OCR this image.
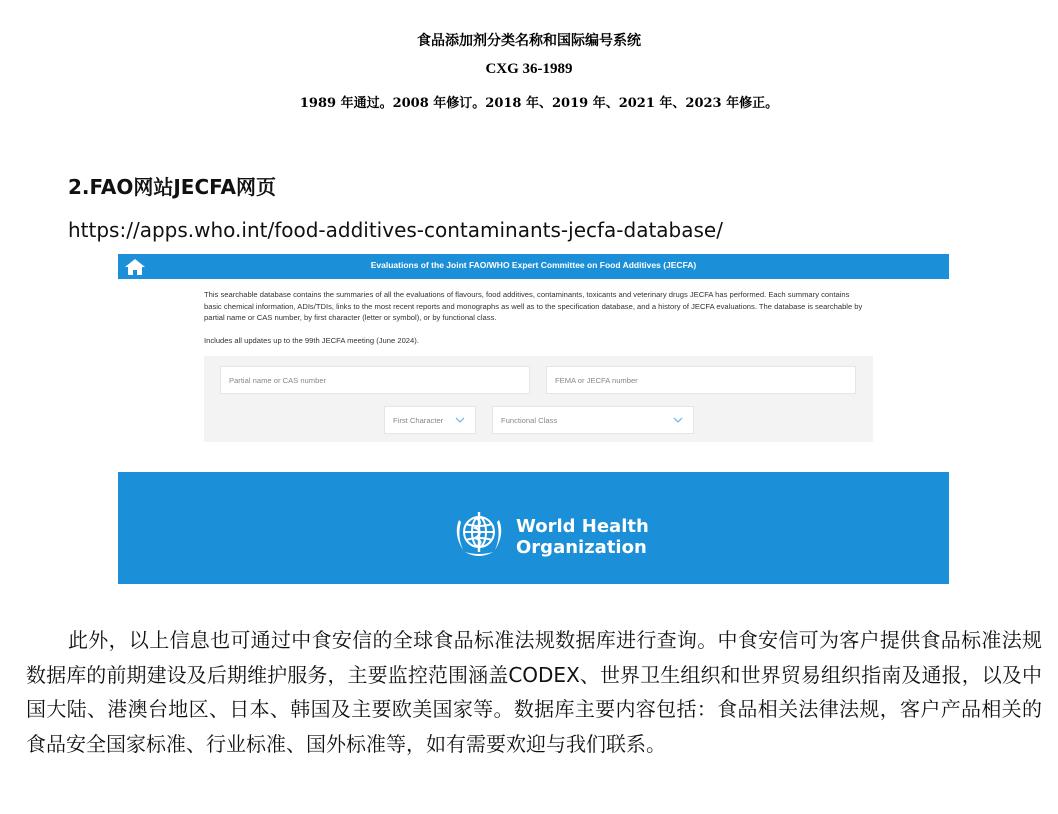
食品添加剂分类名称和国际编号系统
CXG 36-1989
1989 年通过。2008 年修订。2018 年、2019 年、2021 年、2023 年修正。
2.FAO网站JECFA网页
https://apps.who.int/food-additives-contaminants-jecfa-database/
Evaluations of the Joint FAO/WHO Expert Committee on Food Additives (JECFA)
This searchable database contains the summaries of all the evaluations of flavours, food additives, contaminants, toxicants and veterinary drugs JECFA has performed. Each summary contains basic chemical information, ADIs/TDIs, links to the most recent reports and monographs as well as to the specification database, and a history of JECFA evaluations. The database is searchable by partial name or CAS number, by first character (letter or symbol), or by functional class.
Includes all updates up to the 99th JECFA meeting (June 2024).
Partial name or CAS number	FEMA or JECFA number
First Character	Functional Class
World Health
Organization

此外，以上信息也可通过中食安信的全球食品标准法规数据库进行查询。中食安信可为客户提供食品标准法规数据库的前期建设及后期维护服务，主要监控范围涵盖CODEX、世界卫生组织和世界贸易组织指南及通报，以及中国大陆、港澳台地区、日本、韩国及主要欧美国家等。数据库主要内容包括：食品相关法律法规，客户产品相关的食品安全国家标准、行业标准、国外标准等，如有需要欢迎与我们联系。
